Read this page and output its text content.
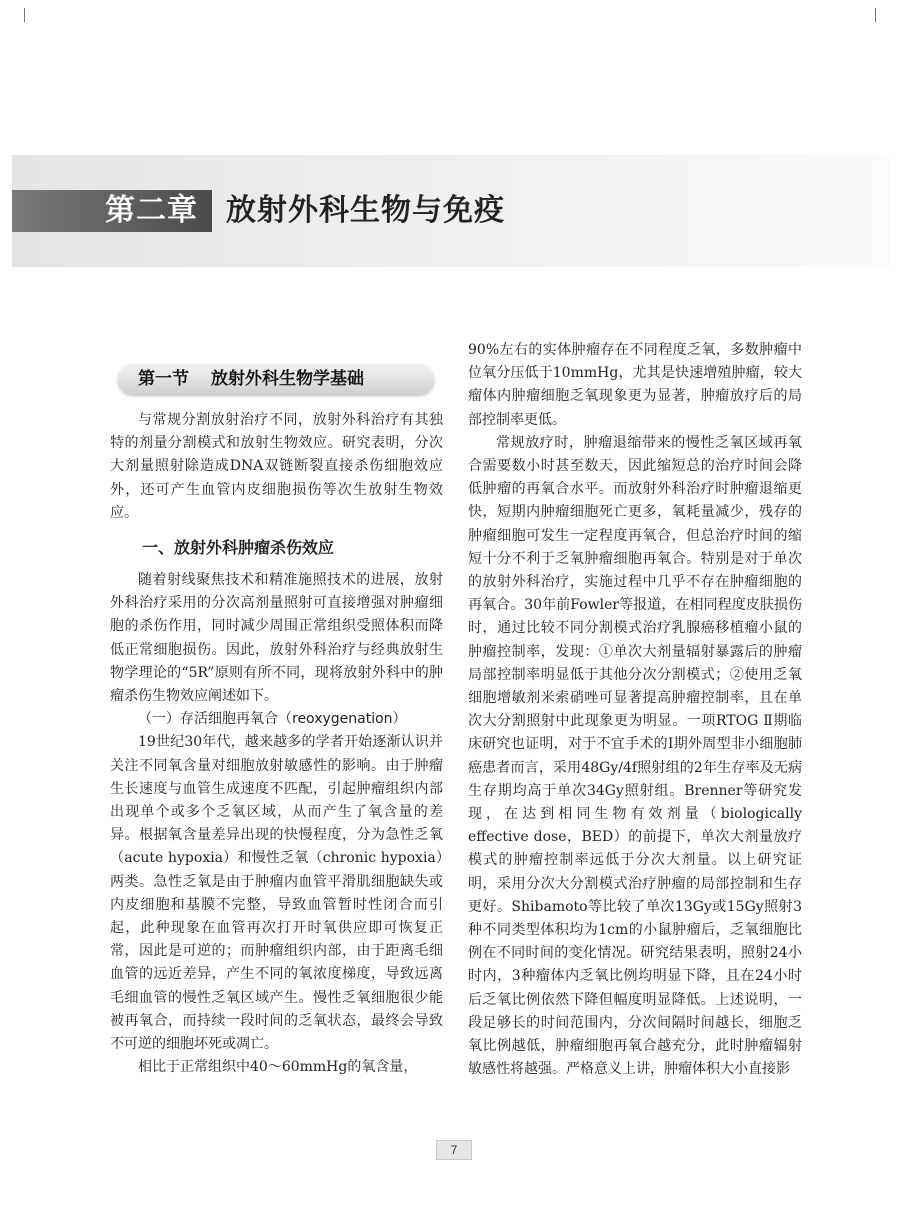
第二章 放射外科生物与免疫
第一节 放射外科生物学基础

与常规分割放射治疗不同，放射外科治疗有其独特的剂量分割模式和放射生物效应。研究表明，分次大剂量照射除造成DNA双链断裂直接杀伤细胞效应外，还可产生血管内皮细胞损伤等次生放射生物效应。

一、放射外科肿瘤杀伤效应

随着射线聚焦技术和精准施照技术的进展，放射外科治疗采用的分次高剂量照射可直接增强对肿瘤细胞的杀伤作用，同时减少周围正常组织受照体积而降低正常细胞损伤。因此，放射外科治疗与经典放射生物学理论的“5R”原则有所不同，现将放射外科中的肿瘤杀伤生物效应阐述如下。

（一）存活细胞再氧合（reoxygenation）

19世纪30年代，越来越多的学者开始逐渐认识并关注不同氧含量对细胞放射敏感性的影响。由于肿瘤生长速度与血管生成速度不匹配，引起肿瘤组织内部出现单个或多个乏氧区域，从而产生了氧含量的差异。根据氧含量差异出现的快慢程度，分为急性乏氧（acute hypoxia）和慢性乏氧（chronic hypoxia）两类。急性乏氧是由于肿瘤内血管平滑肌细胞缺失或内皮细胞和基膜不完整，导致血管暂时性闭合而引起，此种现象在血管再次打开时氧供应即可恢复正常，因此是可逆的；而肿瘤组织内部，由于距离毛细血管的远近差异，产生不同的氧浓度梯度，导致远离毛细血管的慢性乏氧区域产生。慢性乏氧细胞很少能被再氧合，而持续一段时间的乏氧状态，最终会导致不可逆的细胞坏死或凋亡。

相比于正常组织中40～60mmHg的氧含量，

90%左右的实体肿瘤存在不同程度乏氧，多数肿瘤中位氧分压低于10mmHg，尤其是快速增殖肿瘤，较大瘤体内肿瘤细胞乏氧现象更为显著，肿瘤放疗后的局部控制率更低。

常规放疗时，肿瘤退缩带来的慢性乏氧区域再氧合需要数小时甚至数天，因此缩短总的治疗时间会降低肿瘤的再氧合水平。而放射外科治疗时肿瘤退缩更快，短期内肿瘤细胞死亡更多，氧耗量减少，残存的肿瘤细胞可发生一定程度再氧合，但总治疗时间的缩短十分不利于乏氧肿瘤细胞再氧合。特别是对于单次的放射外科治疗，实施过程中几乎不存在肿瘤细胞的再氧合。30年前Fowler等报道，在相同程度皮肤损伤时，通过比较不同分割模式治疗乳腺癌移植瘤小鼠的肿瘤控制率，发现：①单次大剂量辐射暴露后的肿瘤局部控制率明显低于其他分次分割模式；②使用乏氧细胞增敏剂米索硝唑可显著提高肿瘤控制率，且在单次大分割照射中此现象更为明显。一项RTOG Ⅱ期临床研究也证明，对于不宜手术的Ⅰ期外周型非小细胞肺癌患者而言，采用48Gy/4f照射组的2年生存率及无病生存期均高于单次34Gy照射组。Brenner等研究发现，在达到相同生物有效剂量（biologically effective dose，BED）的前提下，单次大剂量放疗模式的肿瘤控制率远低于分次大剂量。以上研究证明，采用分次大分割模式治疗肿瘤的局部控制和生存更好。Shibamoto等比较了单次13Gy或15Gy照射3种不同类型体积均为1cm的小鼠肿瘤后，乏氧细胞比例在不同时间的变化情况。研究结果表明，照射24小时内，3种瘤体内乏氧比例均明显下降，且在24小时后乏氧比例依然下降但幅度明显降低。上述说明，一段足够长的时间范围内，分次间隔时间越长，细胞乏氧比例越低，肿瘤细胞再氧合越充分，此时肿瘤辐射敏感性将越强。严格意义上讲，肿瘤体积大小直接影

7
